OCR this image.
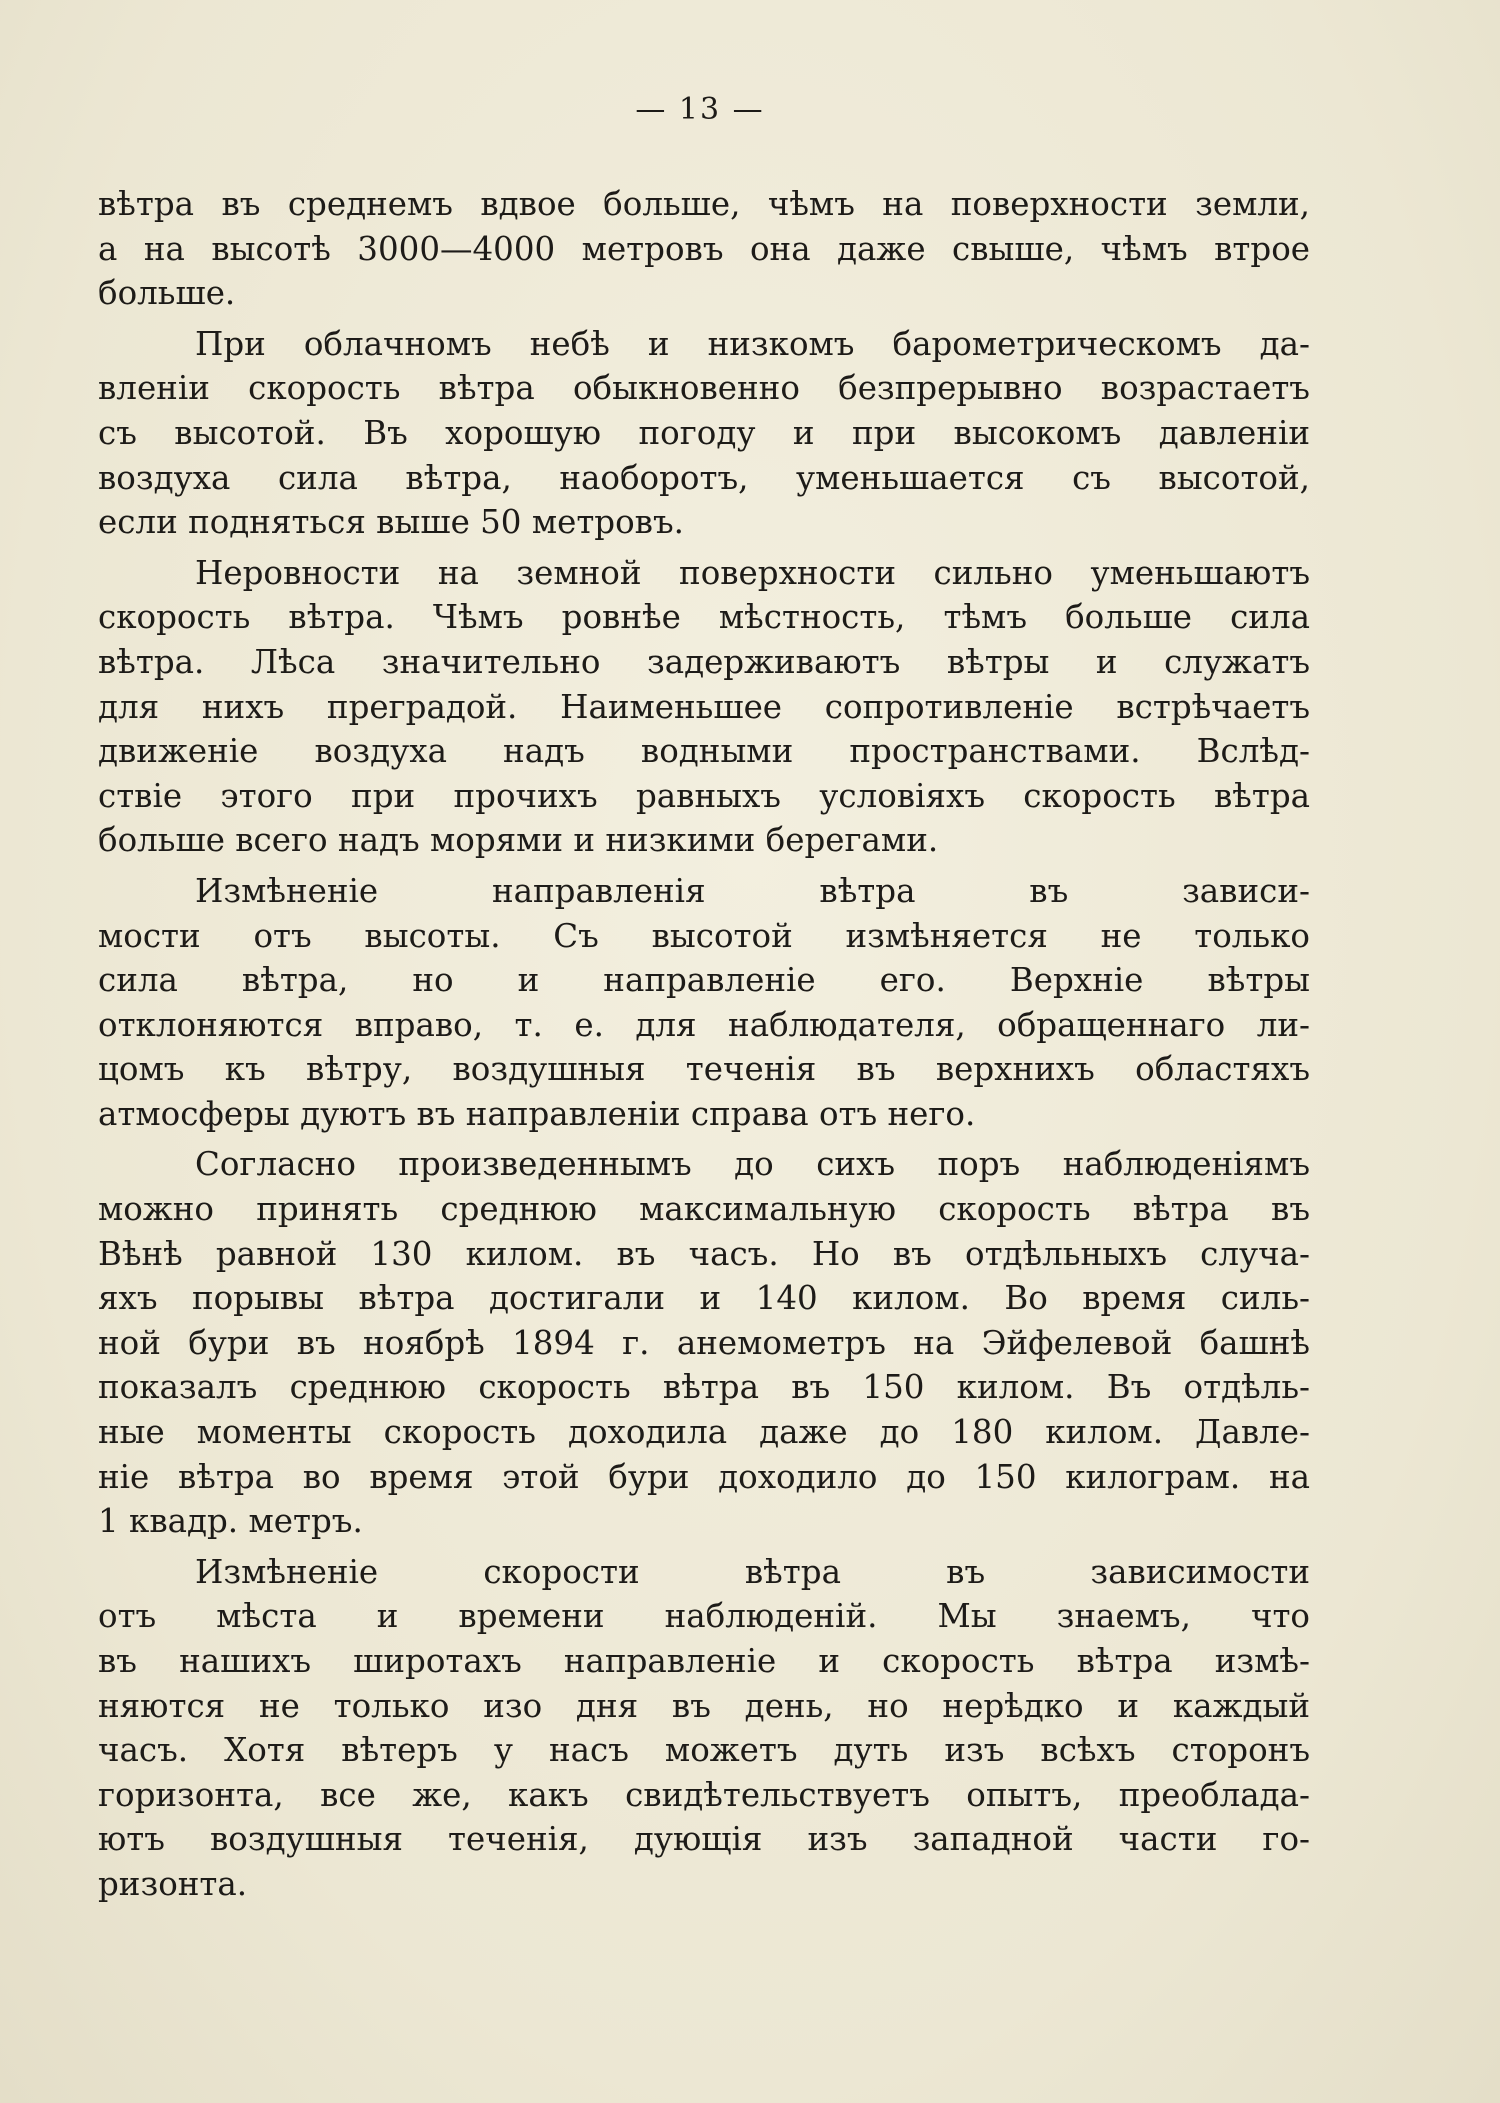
— 13 —
вѣтра въ среднемъ вдвое больше, чѣмъ на поверхности земли,
а на высотѣ 3000—4000 метровъ она даже свыше, чѣмъ втрое
больше.
При облачномъ небѣ и низкомъ барометрическомъ да-
вленіи скорость вѣтра обыкновенно безпрерывно возрастаетъ
съ высотой. Въ хорошую погоду и при высокомъ давленіи
воздуха сила вѣтра, наоборотъ, уменьшается съ высотой,
если подняться выше 50 метровъ.
Неровности на земной поверхности сильно уменьшаютъ
скорость вѣтра. Чѣмъ ровнѣе мѣстность, тѣмъ больше сила
вѣтра. Лѣса значительно задерживаютъ вѣтры и служатъ
для нихъ преградой. Наименьшее сопротивленіе встрѣчаетъ
движеніе воздуха надъ водными пространствами. Вслѣд-
ствіе этого при прочихъ равныхъ условіяхъ скорость вѣтра
больше всего надъ морями и низкими берегами.
Измѣненіе направленія вѣтра въ зависи-
мости отъ высоты. Съ высотой измѣняется не только
сила вѣтра, но и направленіе его. Верхніе вѣтры
отклоняются вправо, т. е. для наблюдателя, обращеннаго ли-
цомъ къ вѣтру, воздушныя теченія въ верхнихъ областяхъ
атмосферы дуютъ въ направленіи справа отъ него.
Согласно произведеннымъ до сихъ поръ наблюденіямъ
можно принять среднюю максимальную скорость вѣтра въ
Вѣнѣ равной 130 килом. въ часъ. Но въ отдѣльныхъ случа-
яхъ порывы вѣтра достигали и 140 килом. Во время силь-
ной бури въ ноябрѣ 1894 г. анемометръ на Эйфелевой башнѣ
показалъ среднюю скорость вѣтра въ 150 килом. Въ отдѣль-
ные моменты скорость доходила даже до 180 килом. Давле-
ніе вѣтра во время этой бури доходило до 150 килограм. на
1 квадр. метръ.
Измѣненіе скорости вѣтра въ зависимости
отъ мѣста и времени наблюденій. Мы знаемъ, что
въ нашихъ широтахъ направленіе и скорость вѣтра измѣ-
няются не только изо дня въ день, но нерѣдко и каждый
часъ. Хотя вѣтеръ у насъ можетъ дуть изъ всѣхъ сторонъ
горизонта, все же, какъ свидѣтельствуетъ опытъ, преоблада-
ютъ воздушныя теченія, дующія изъ западной части го-
ризонта.
